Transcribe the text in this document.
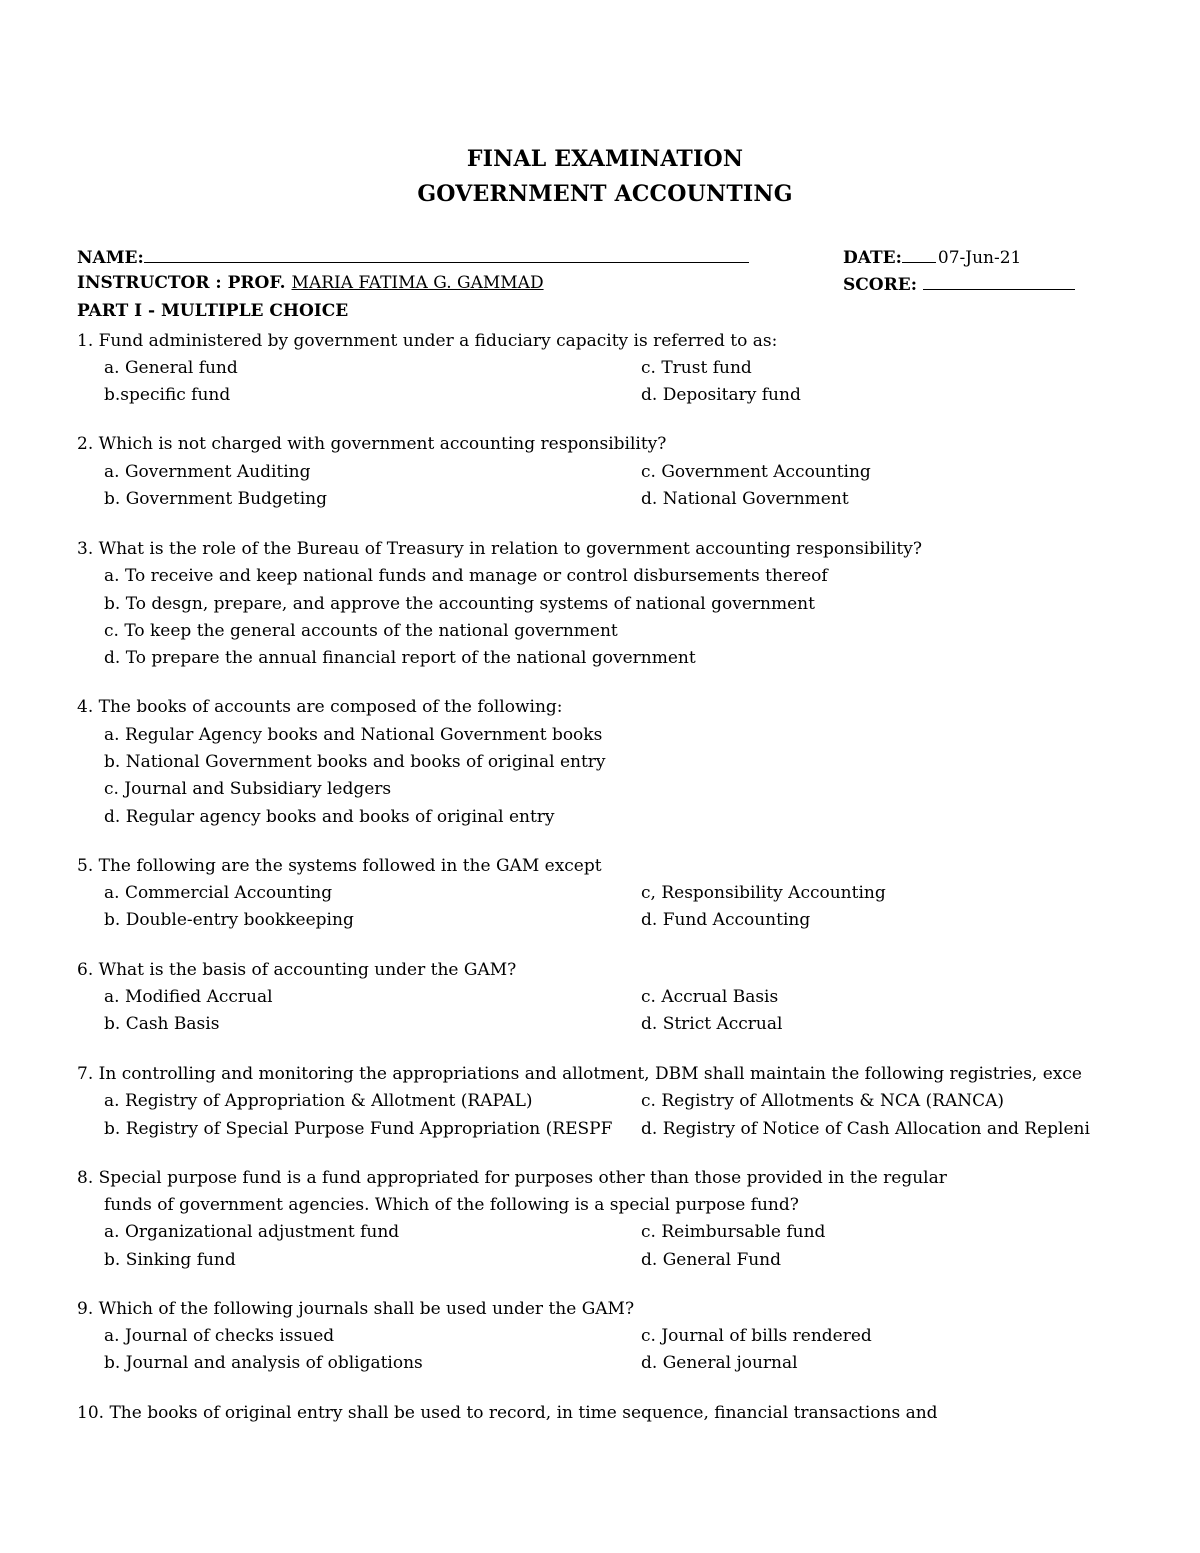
FINAL EXAMINATION
GOVERNMENT ACCOUNTING
NAME:	DATE: 07-Jun-21
INSTRUCTOR : PROF. MARIA FATIMA G. GAMMAD	SCORE:
PART I - MULTIPLE CHOICE
1. Fund administered by government under a fiduciary capacity is referred to as:
a. General fund	c. Trust fund
b.specific fund	d. Depositary fund
2. Which is not charged with government accounting responsibility?
a. Government Auditing	c. Government Accounting
b. Government Budgeting	d. National Government
3. What is the role of the Bureau of Treasury in relation to government accounting responsibility?
a. To receive and keep national funds and manage or control disbursements thereof
b. To desgn, prepare, and approve the accounting systems of national government
c. To keep the general accounts of the national government
d. To prepare the annual financial report of the national government
4. The books of accounts are composed of the following:
a. Regular Agency books and National Government books
b. National Government books and books of original entry
c. Journal and Subsidiary ledgers
d. Regular agency books and books of original entry
5. The following are the systems followed in the GAM except
a. Commercial Accounting	c, Responsibility Accounting
b. Double-entry bookkeeping	d. Fund Accounting
6. What is the basis of accounting under the GAM?
a. Modified Accrual	c. Accrual Basis
b. Cash Basis	d. Strict Accrual
7. In controlling and monitoring the appropriations and allotment, DBM shall maintain the following registries, exce
a. Registry of Appropriation & Allotment (RAPAL)	c. Registry of Allotments & NCA (RANCA)
b. Registry of Special Purpose Fund Appropriation (RESPF	d. Registry of Notice of Cash Allocation and Repleni
8. Special purpose fund is a fund appropriated for purposes other than those provided in the regular
funds of government agencies. Which of the following is a special purpose fund?
a. Organizational adjustment fund	c. Reimbursable fund
b. Sinking fund	d. General Fund
9. Which of the following journals shall be used under the GAM?
a. Journal of checks issued	c. Journal of bills rendered
b. Journal and analysis of obligations	d. General journal
10. The books of original entry shall be used to record, in time sequence, financial transactions and
